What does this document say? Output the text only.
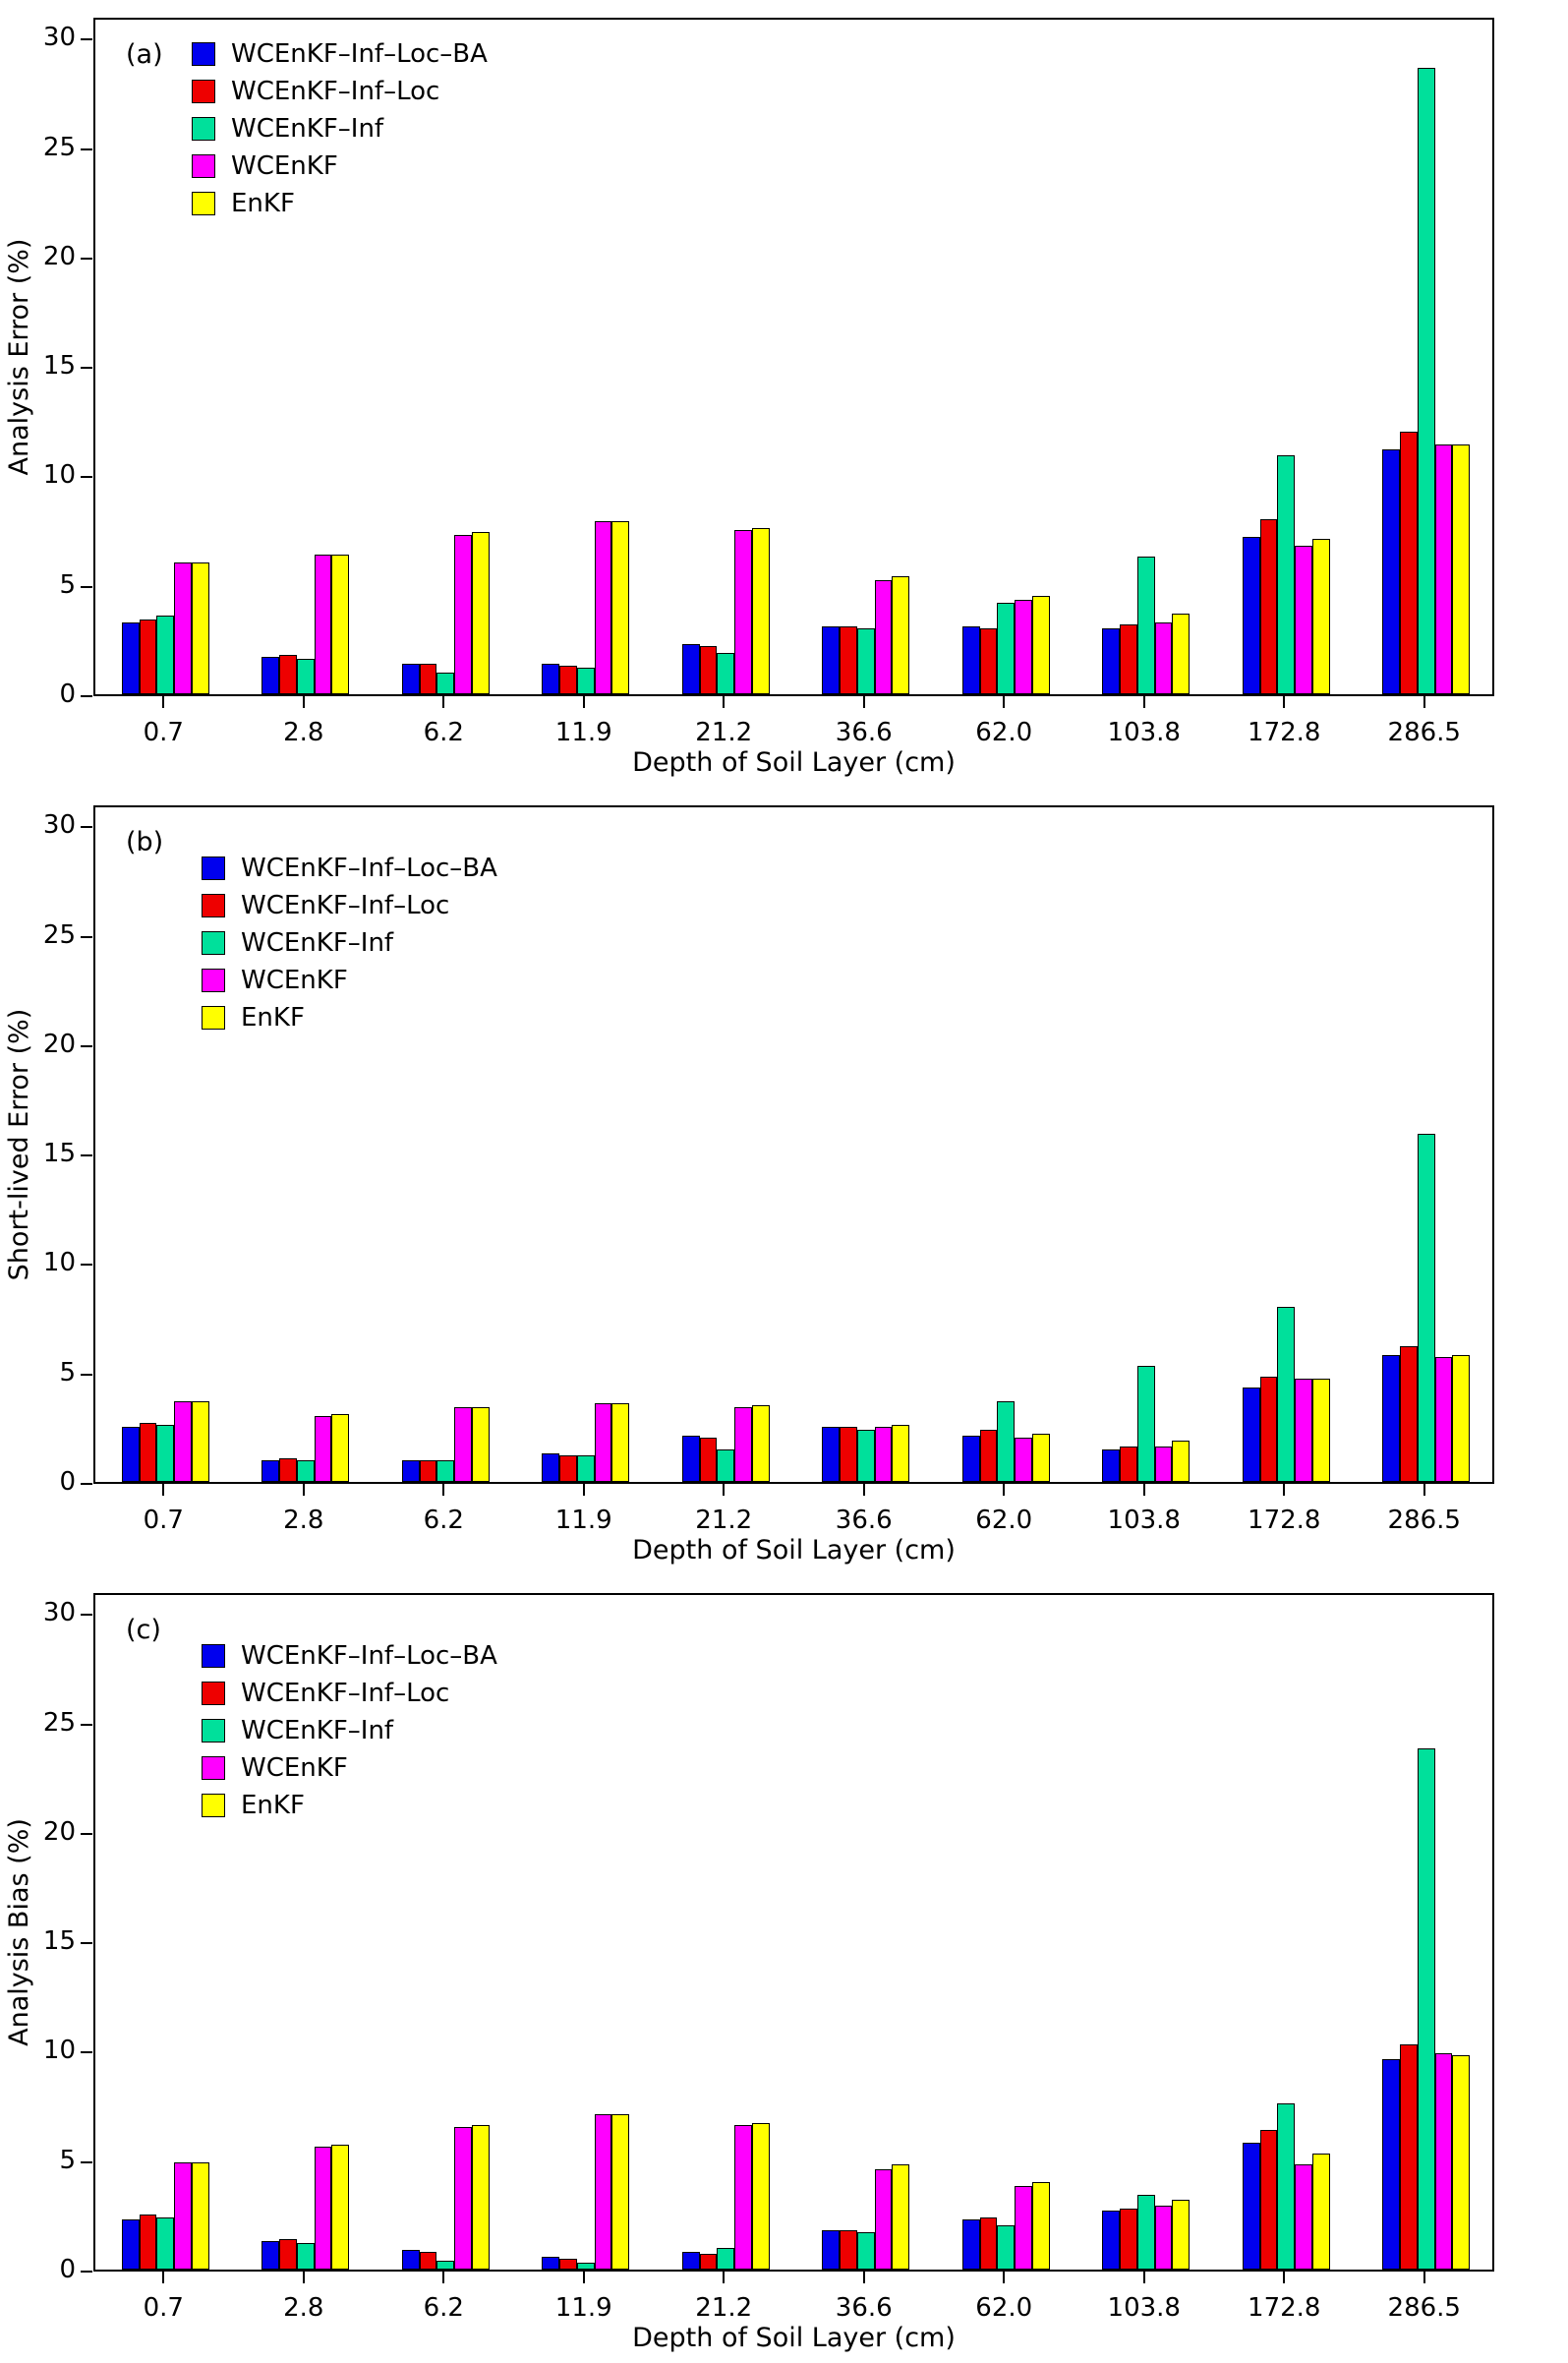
Analysis Error (%)
0
5
10
15
20
25
30
(a)
0.7	2.8	6.2	11.9	21.2	36.6	62.0	103.8	172.8	286.5
Depth of Soil Layer (cm)
WCEnKF–Inf–Loc–BA
WCEnKF–Inf–Loc
WCEnKF–Inf
WCEnKF
EnKF
Short-lived Error (%)
0
5
10
15
20
25
30
(b)
0.7	2.8	6.2	11.9	21.2	36.6	62.0	103.8	172.8	286.5
Depth of Soil Layer (cm)
WCEnKF–Inf–Loc–BA
WCEnKF–Inf–Loc
WCEnKF–Inf
WCEnKF
EnKF
Analysis Bias (%)
0
5
10
15
20
25
30
(c)
0.7	2.8	6.2	11.9	21.2	36.6	62.0	103.8	172.8	286.5
Depth of Soil Layer (cm)
WCEnKF–Inf–Loc–BA
WCEnKF–Inf–Loc
WCEnKF–Inf
WCEnKF
EnKF
